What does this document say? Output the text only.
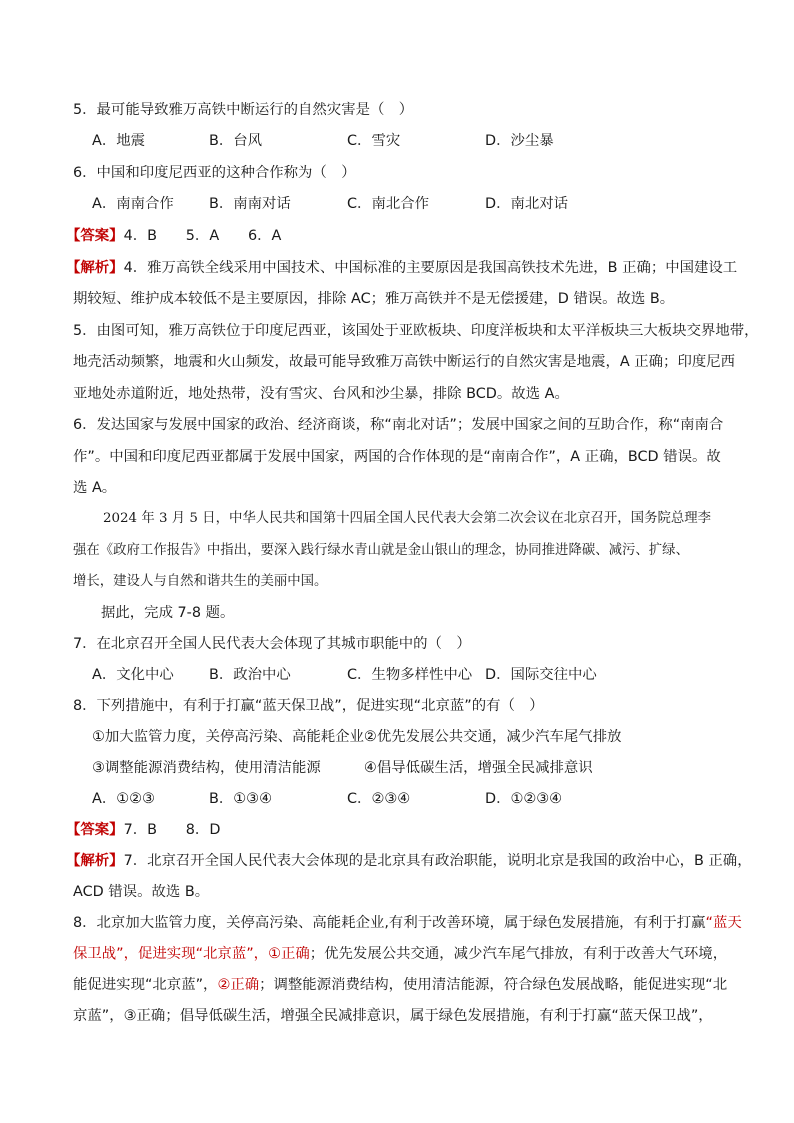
5．最可能导致雅万高铁中断运行的自然灾害是（　）
A．地震	B．台风	C．雪灾	D．沙尘暴
6．中国和印度尼西亚的这种合作称为（　）
A．南南合作 B．南南对话	C．南北合作	D．南北对话
【答案】4．B　　5．A　　6．A
【解析】4．雅万高铁全线采用中国技术、中国标准的主要原因是我国高铁技术先进，B 正确；中国建设工
期较短、维护成本较低不是主要原因，排除 AC；雅万高铁并不是无偿援建，D 错误。故选 B。
5．由图可知，雅万高铁位于印度尼西亚，该国处于亚欧板块、印度洋板块和太平洋板块三大板块交界地带，
地壳活动频繁，地震和火山频发，故最可能导致雅万高铁中断运行的自然灾害是地震，A 正确；印度尼西
亚地处赤道附近，地处热带，没有雪灾、台风和沙尘暴，排除 BCD。故选 A。
6．发达国家与发展中国家的政治、经济商谈，称“南北对话”；发展中国家之间的互助合作，称“南南合
作”。中国和印度尼西亚都属于发展中国家，两国的合作体现的是“南南合作”，A 正确，BCD 错误。故
选 A。
2024 年 3 月 5 日，中华人民共和国第十四届全国人民代表大会第二次会议在北京召开，国务院总理李
强在《政府工作报告》中指出，要深入践行绿水青山就是金山银山的理念，协同推进降碳、减污、扩绿、
增长，建设人与自然和谐共生的美丽中国。
据此，完成 7-8 题。
7．在北京召开全国人民代表大会体现了其城市职能中的（　）
A．文化中心 B．政治中心	C．生物多样性中心 D．国际交往中心
8．下列措施中，有利于打赢“蓝天保卫战”，促进实现“北京蓝”的有（　）
①加大监管力度，关停高污染、高能耗企业②优先发展公共交通，减少汽车尾气排放
③调整能源消费结构，使用清洁能源　　　④倡导低碳生活，增强全民减排意识
A．①②③	B．①③④	C．②③④	D．①②③④
【答案】7．B　　8．D
【解析】7．北京召开全国人民代表大会体现的是北京具有政治职能，说明北京是我国的政治中心，B 正确，
ACD 错误。故选 B。
8．北京加大监管力度，关停高污染、高能耗企业,有利于改善环境，属于绿色发展措施，有利于打赢“蓝天
保卫战”，促进实现“北京蓝”，①正确；优先发展公共交通，减少汽车尾气排放，有利于改善大气环境，
能促进实现“北京蓝”，②正确；调整能源消费结构，使用清洁能源，符合绿色发展战略，能促进实现“北
京蓝”，③正确；倡导低碳生活，增强全民减排意识，属于绿色发展措施，有利于打赢“蓝天保卫战”，
